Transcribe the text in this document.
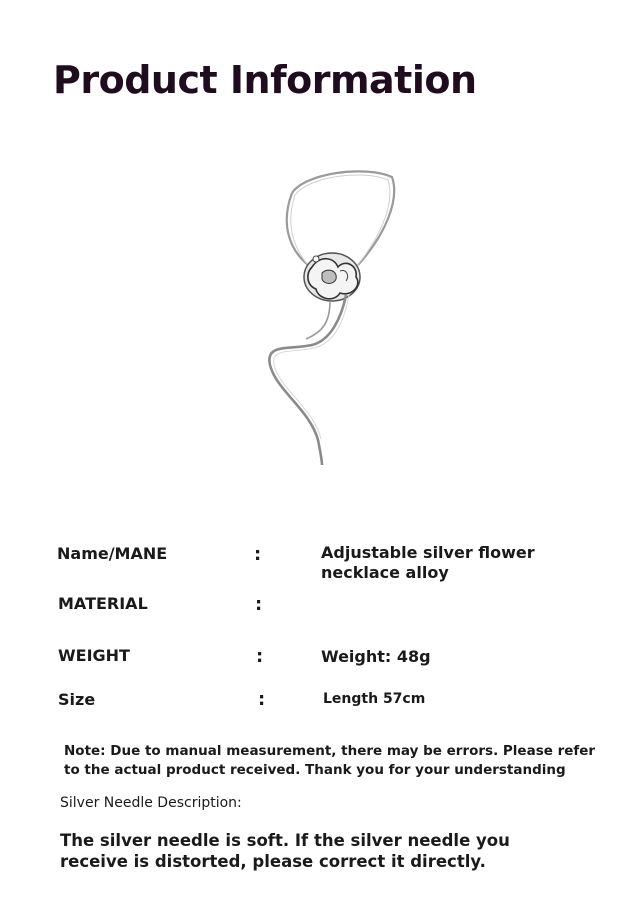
Product Information
Name/MANE	:	Adjustable silver flower necklace alloy
MATERIAL	:
WEIGHT	:	Weight: 48g
Size	:	Length 57cm
Note: Due to manual measurement, there may be errors. Please refer to the actual product received. Thank you for your understanding
Silver Needle Description:
The silver needle is soft. If the silver needle you receive is distorted, please correct it directly.
